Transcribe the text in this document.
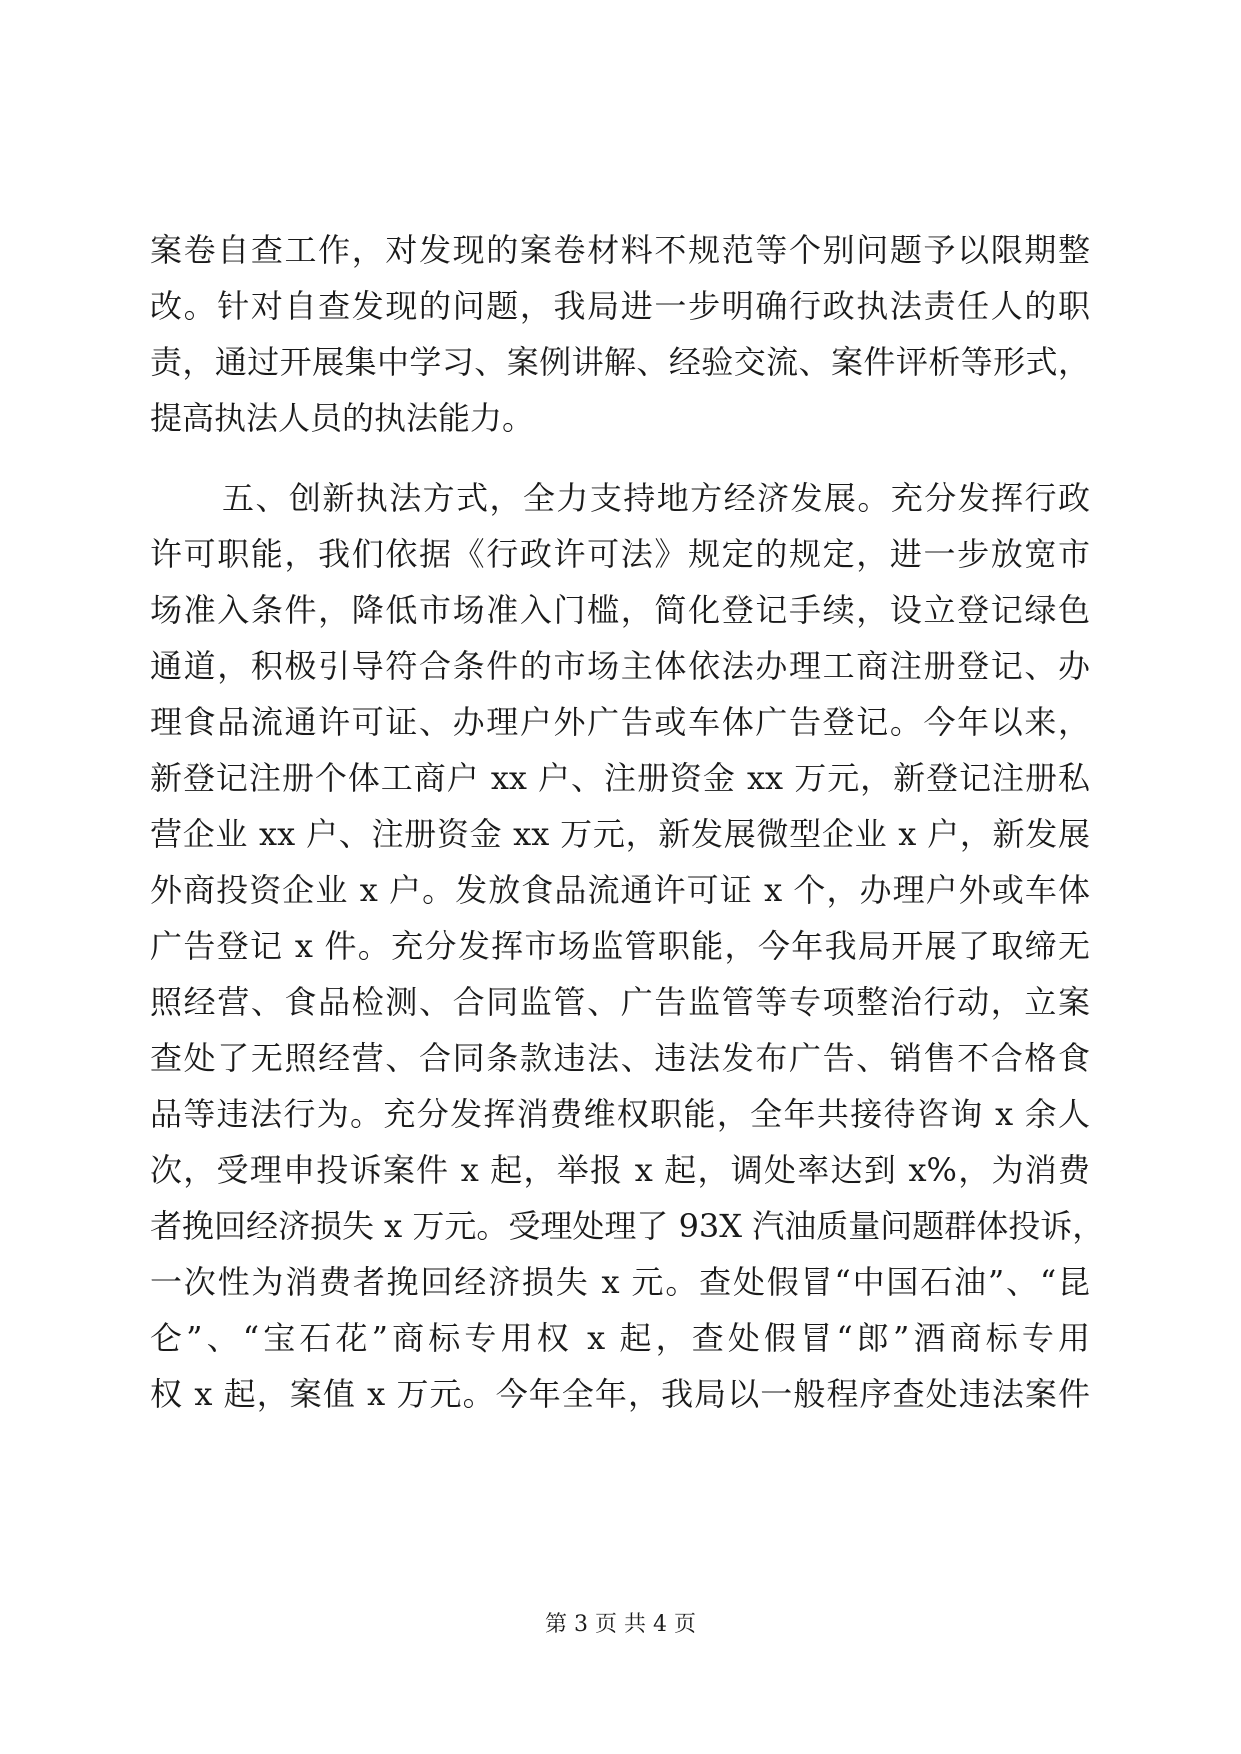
案卷自查工作，对发现的案卷材料不规范等个别问题予以限期整
改。针对自查发现的问题，我局进一步明确行政执法责任人的职
责，通过开展集中学习、案例讲解、经验交流、案件评析等形式，
提高执法人员的执法能力。
五、创新执法方式，全力支持地方经济发展。充分发挥行政
许可职能，我们依据《行政许可法》规定的规定，进一步放宽市
场准入条件，降低市场准入门槛，简化登记手续，设立登记绿色
通道，积极引导符合条件的市场主体依法办理工商注册登记、办
理食品流通许可证、办理户外广告或车体广告登记。今年以来，
新登记注册个体工商户 xx 户、注册资金 xx 万元，新登记注册私
营企业 xx 户、注册资金 xx 万元，新发展微型企业 x 户，新发展
外商投资企业 x 户。发放食品流通许可证 x 个，办理户外或车体
广告登记 x 件。充分发挥市场监管职能，今年我局开展了取缔无
照经营、食品检测、合同监管、广告监管等专项整治行动，立案
查处了无照经营、合同条款违法、违法发布广告、销售不合格食
品等违法行为。充分发挥消费维权职能，全年共接待咨询 x 余人
次，受理申投诉案件 x 起，举报 x 起，调处率达到 x%，为消费
者挽回经济损失 x 万元。受理处理了 93X 汽油质量问题群体投诉，
一次性为消费者挽回经济损失 x 元。查处假冒“中国石油”、“昆
仑”、“宝石花”商标专用权 x 起，查处假冒“郎”酒商标专用
权 x 起，案值 x 万元。今年全年，我局以一般程序查处违法案件
第 3 页 共 4 页
